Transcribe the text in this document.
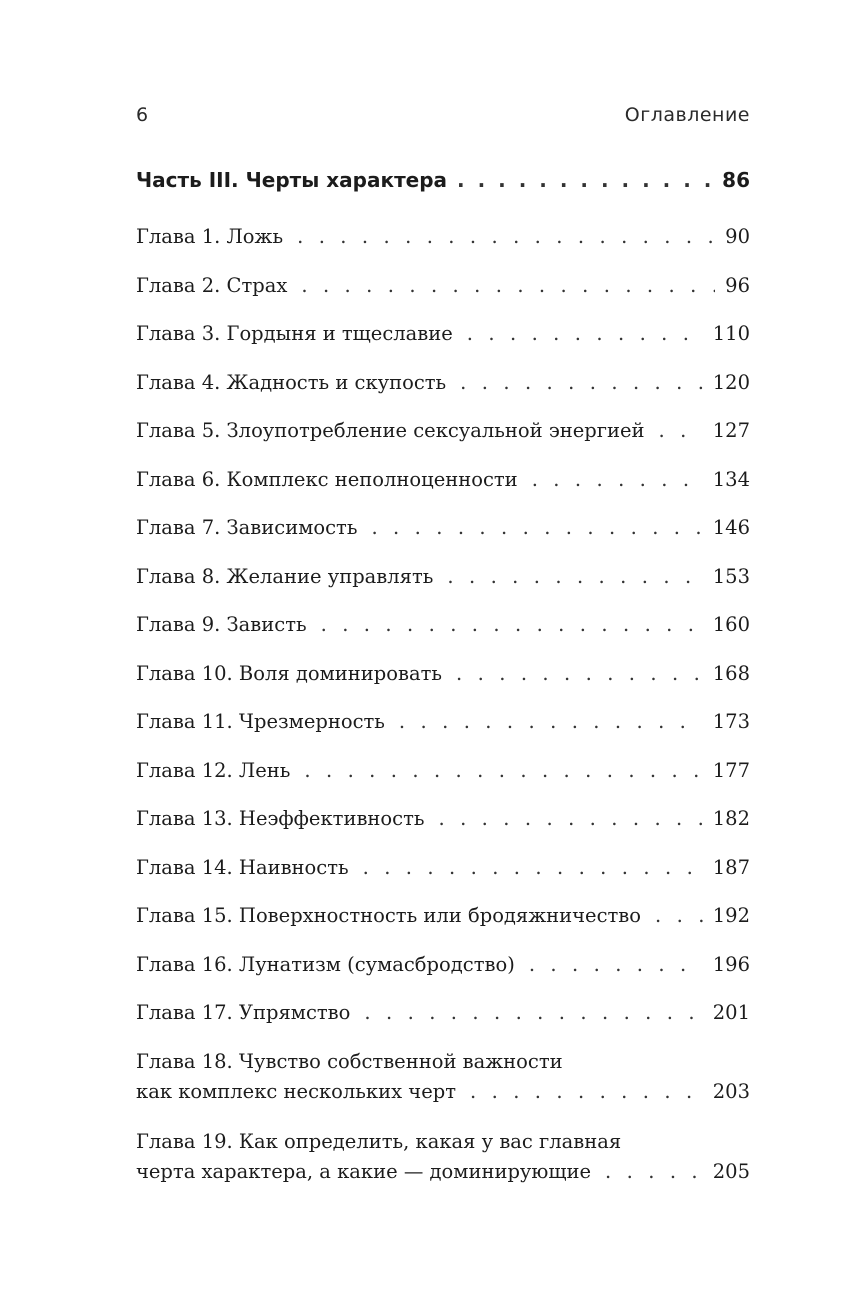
6	Оглавление
Часть III. Черты характера . . .	86
Глава 1. Ложь . . .	90
Глава 2. Страх . . .	96
Глава 3. Гордыня и тщеславие . . .	110
Глава 4. Жадность и скупость . . .	120
Глава 5. Злоупотребление сексуальной энергией . . .	127
Глава 6. Комплекс неполноценности . . .	134
Глава 7. Зависимость . . .	146
Глава 8. Желание управлять . . .	153
Глава 9. Зависть . . .	160
Глава 10. Воля доминировать . . .	168
Глава 11. Чрезмерность . . .	173
Глава 12. Лень . . .	177
Глава 13. Неэффективность . . .	182
Глава 14. Наивность . . .	187
Глава 15. Поверхностность или бродяжничество . . .	192
Глава 16. Лунатизм (сумасбродство) . . .	196
Глава 17. Упрямство . . .	201
Глава 18. Чувство собственной важности
как комплекс нескольких черт . . .	203
Глава 19. Как определить, какая у вас главная
черта характера, а какие — доминирующие . . .	205
